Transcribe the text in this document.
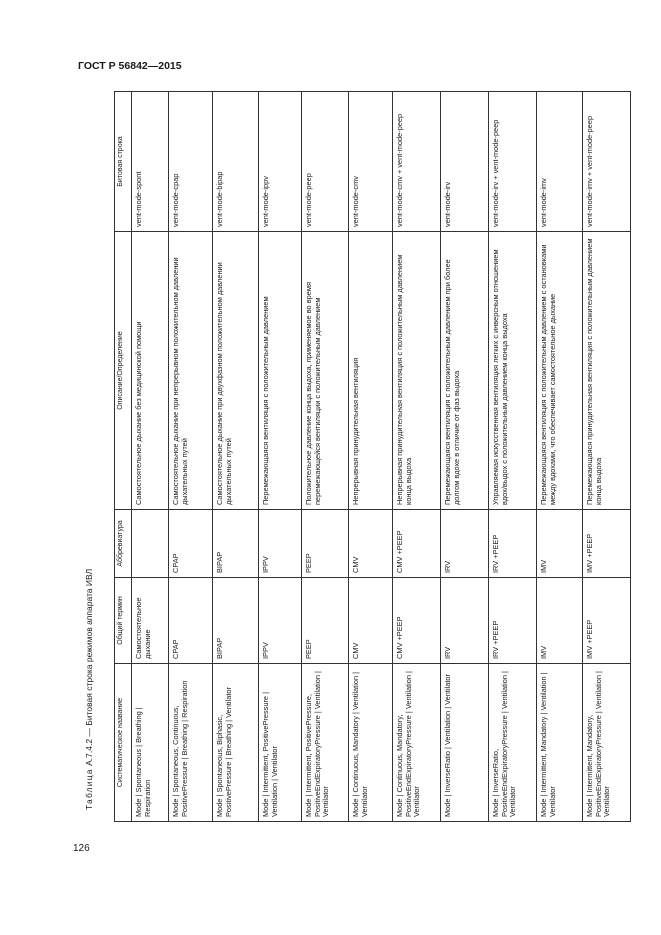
ГОСТ Р 56842—2015
Таблица А.7.4.2 — Битовая строка режимов аппарата ИВЛ
Систематическое название	Общий термин	Аббревиатура	Описание/Определение	Битовая строка
Mode | Spontaneous | Breathing | Respiration	Самостоятельное дыхание		Самостоятельное дыхание без медицинской помощи	vent-mode-spont
Mode | Spontaneous, Continuous, PositivePressure | Breathing | Respiration	CPAP	CPAP	Самостоятельное дыхание при непрерывном положительном давлении дыхательных путей	vent-mode-cpap
Mode | Spontaneous, Biphasic, PositivePressure | Breathing | Ventilator	BIPAP	BIPAP	Самостоятельное дыхание при двухфазном положительном давлении дыхательных путей	vent-mode-bipap
Mode | Intermittent, PositivePressure | Ventilation | Ventilator	IPPV	IPPV	Перемежающаяся вентиляция с положительным давлением	vent-mode-ippv
Mode | Intermittent, PositivePressure, PositiveEndExpiratoryPressure | Ventilation | Ventilator	PEEP	PEEP	Положительное давление конца выдоха, применяемое во время перемежающейся вентиляции с положительным давлением	vent-mode-peep
Mode | Continuous, Mandatory | Ventilation | Ventilator	CMV	CMV	Непрерывная принудительная вентиляция	vent-mode-cmv
Mode | Continuous, Mandatory, PositiveEndExpiratoryPressure | Ventilation | Ventilator	CMV +PEEP	CMV +PEEP	Непрерывная принудительная вентиляция с положительным давлением конца выдоха	vent-mode-cmv + vent-mode-peep
Mode | InverseRatio | Ventilation | Ventilator	IRV	IRV	Перемежающаяся вентиляция с положительным давлением при более долгом вдохе в отличие от фаз выдоха	vent-mode-irv
Mode | InverseRatio, PositiveEndExpiratoryPressure | Ventilation | Ventilator	IRV +PEEP	IRV +PEEP	Управляемая искусственная вентиляция легких с инверсным отношением вдох/выдох с положительным давлением конца выдоха	vent-mode-irv + vent-mode-peep
Mode | Intermittent, Mandatory | Ventilation | Ventilator	IMV	IMV	Перемежающаяся вентиляция с положительным давлением с остановками между вдохами, что обеспечивает самостоятельное дыхание	vent-mode-imv
Mode | Intermittent, Mandatory, PositiveEndExpiratoryPressure | Ventilation | Ventilator	IMV +PEEP	IMV +PEEP	Перемежающаяся принудительная вентиляция с положительным давлением конца выдоха	vent-mode-imv + vent-mode-peep
126
